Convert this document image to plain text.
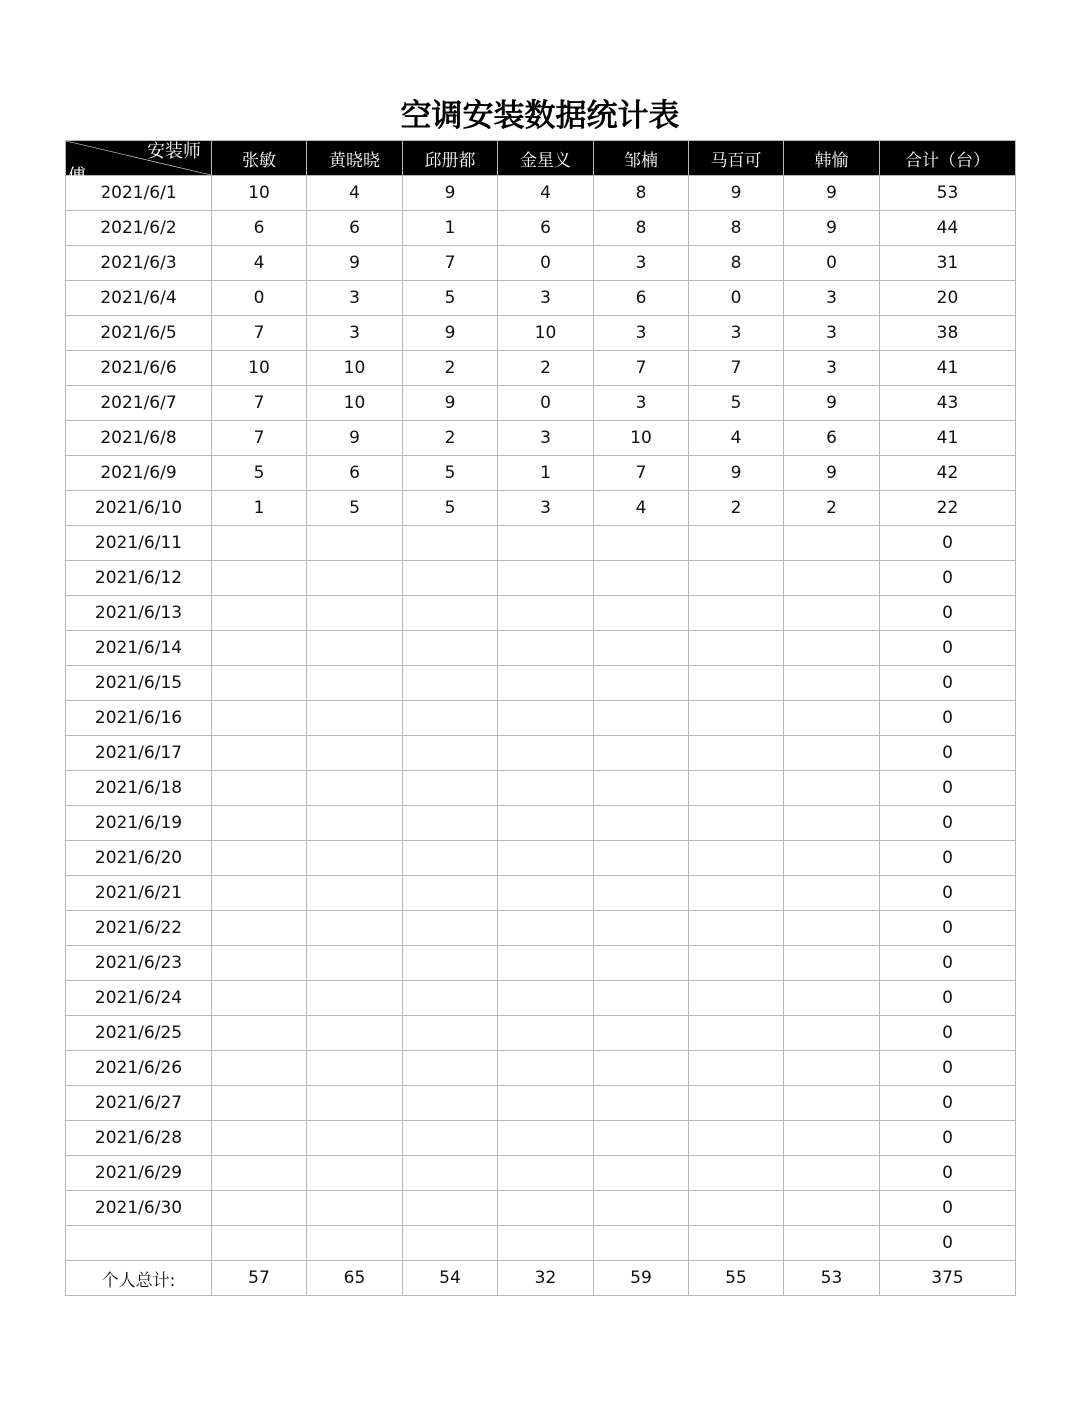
空调安装数据统计表
安装师
傅
日期	张敏	黄晓晓	邱册都	金星义	邹楠	马百可	韩愉	合计（台）
2021/6/1	10	4	9	4	8	9	9	53
2021/6/2	6	6	1	6	8	8	9	44
2021/6/3	4	9	7	0	3	8	0	31
2021/6/4	0	3	5	3	6	0	3	20
2021/6/5	7	3	9	10	3	3	3	38
2021/6/6	10	10	2	2	7	7	3	41
2021/6/7	7	10	9	0	3	5	9	43
2021/6/8	7	9	2	3	10	4	6	41
2021/6/9	5	6	5	1	7	9	9	42
2021/6/10	1	5	5	3	4	2	2	22
2021/6/11								0
2021/6/12								0
2021/6/13								0
2021/6/14								0
2021/6/15								0
2021/6/16								0
2021/6/17								0
2021/6/18								0
2021/6/19								0
2021/6/20								0
2021/6/21								0
2021/6/22								0
2021/6/23								0
2021/6/24								0
2021/6/25								0
2021/6/26								0
2021/6/27								0
2021/6/28								0
2021/6/29								0
2021/6/30								0
								0
个人总计:	57	65	54	32	59	55	53	375
